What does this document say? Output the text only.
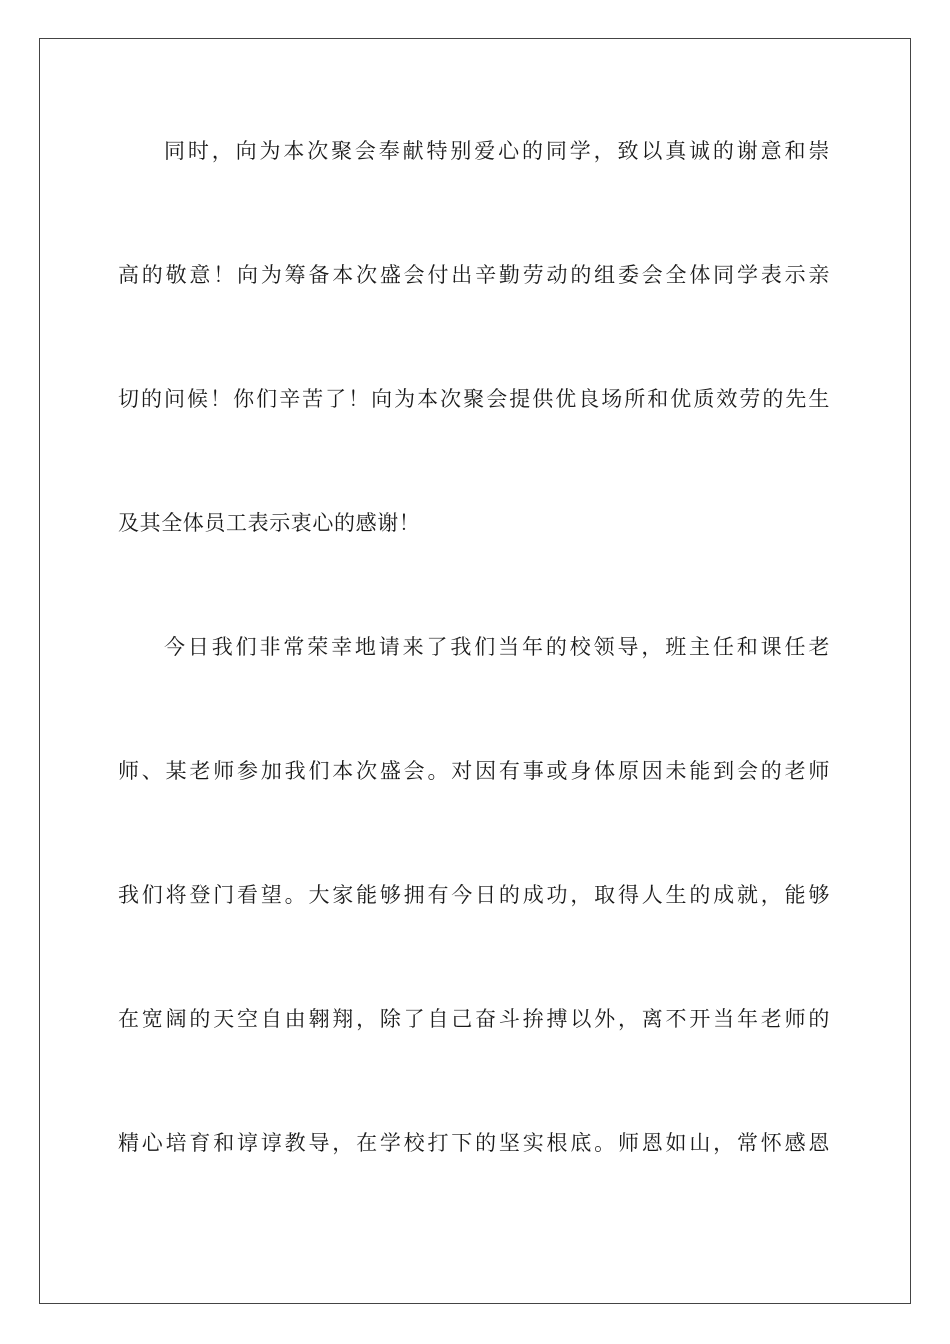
同时，向为本次聚会奉献特别爱心的同学，致以真诚的谢意和崇

高的敬意！向为筹备本次盛会付出辛勤劳动的组委会全体同学表示亲

切的问候！你们辛苦了！向为本次聚会提供优良场所和优质效劳的先生

及其全体员工表示衷心的感谢！

今日我们非常荣幸地请来了我们当年的校领导，班主任和课任老

师、某老师参加我们本次盛会。对因有事或身体原因未能到会的老师

我们将登门看望。大家能够拥有今日的成功，取得人生的成就，能够

在宽阔的天空自由翱翔，除了自己奋斗拚搏以外，离不开当年老师的

精心培育和谆谆教导，在学校打下的坚实根底。师恩如山，常怀感恩
